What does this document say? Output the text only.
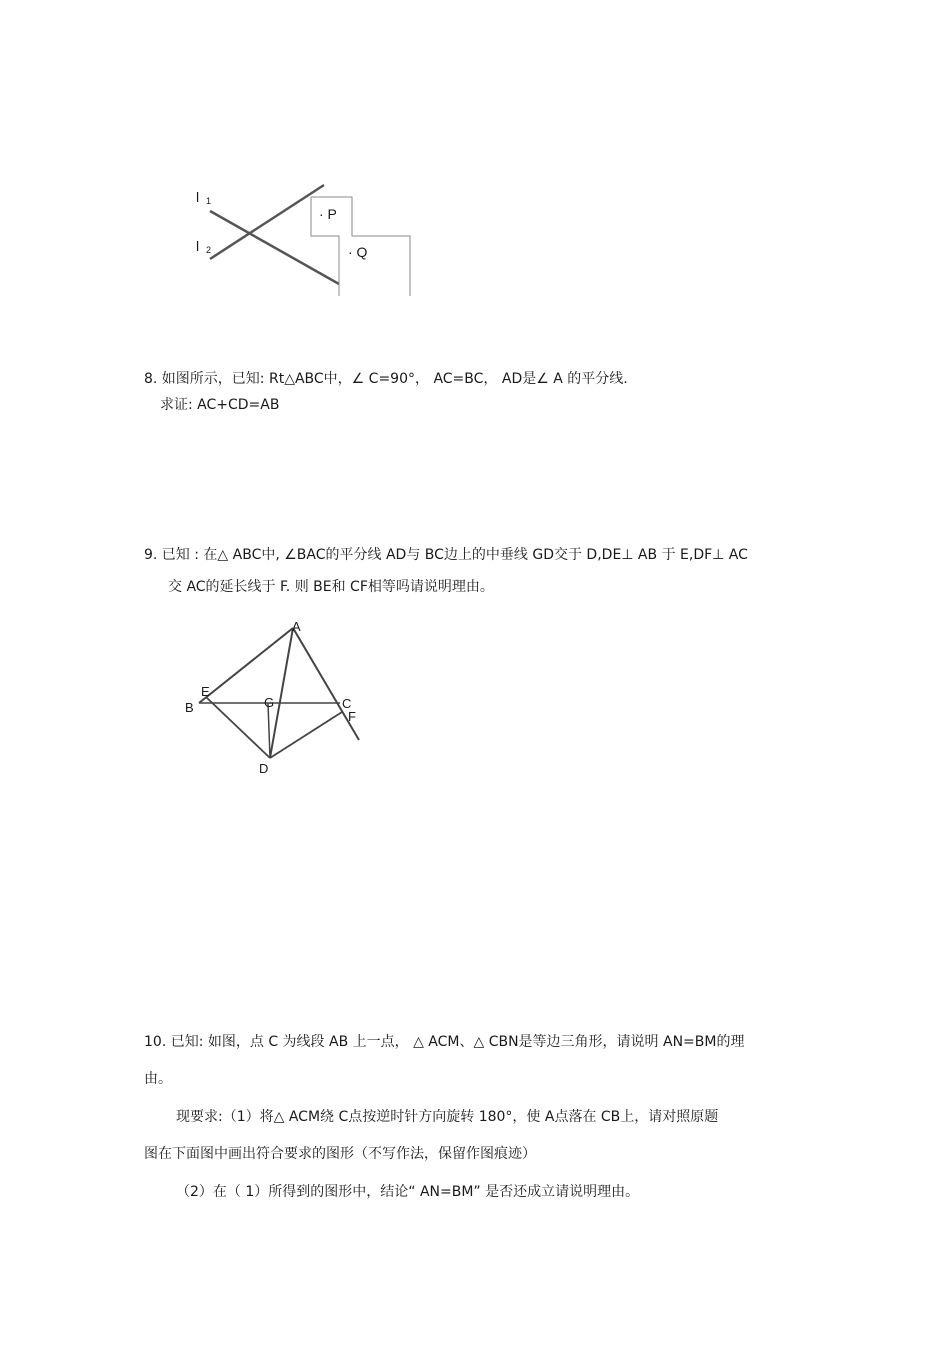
l 1
l 2
· P
· Q
8. 如图所示，已知: Rt△ABC中，∠ C=90°， AC=BC， AD是∠ A 的平分线.
求证: AC+CD=AB
9. 已知 : 在△ ABC中, ∠BAC的平分线 AD与 BC边上的中垂线 GD交于 D,DE⊥ AB 于 E,DF⊥ AC
交 AC的延长线于 F. 则 BE和 CF相等吗请说明理由。
A
B	C
D
E
F
G
10. 已知: 如图，点 C 为线段 AB 上一点， △ ACM、△ CBN是等边三角形，请说明 AN=BM的理
由。
现要求:（1）将△ ACM绕 C点按逆时针方向旋转 180°，使 A点落在 CB上，请对照原题
图在下面图中画出符合要求的图形（不写作法，保留作图痕迹）
（2）在（ 1）所得到的图形中，结论“ AN=BM” 是否还成立请说明理由。
